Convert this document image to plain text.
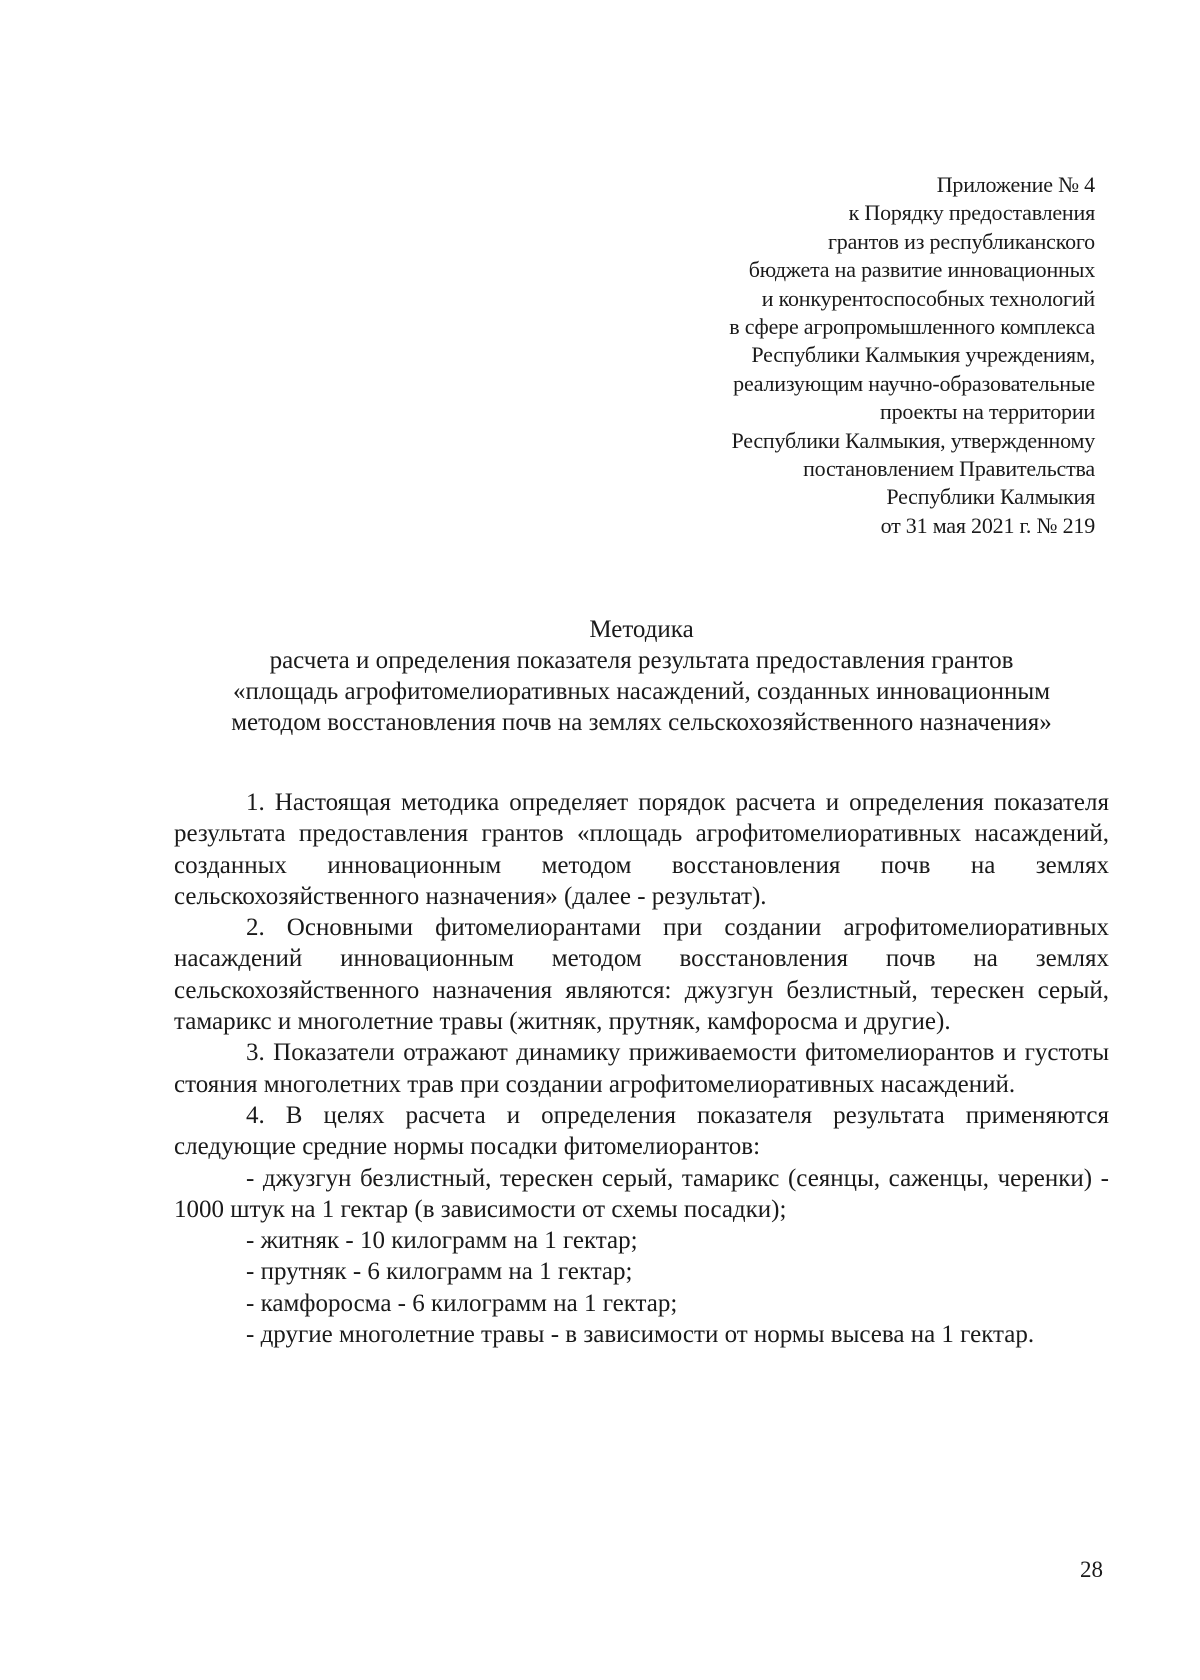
Приложение № 4
к Порядку предоставления
грантов из республиканского
бюджета на развитие инновационных
и конкурентоспособных технологий
в сфере агропромышленного комплекса
Республики Калмыкия учреждениям,
реализующим научно-образовательные
проекты на территории
Республики Калмыкия, утвержденному
постановлением Правительства
Республики Калмыкия
от 31 мая 2021 г. № 219
Методика
расчета и определения показателя результата предоставления грантов
«площадь агрофитомелиоративных насаждений, созданных инновационным
методом восстановления почв на землях сельскохозяйственного назначения»

1. Настоящая методика определяет порядок расчета и определения показателя результата предоставления грантов «площадь агрофитомелиоративных насаждений, созданных инновационным методом восстановления почв на землях сельскохозяйственного назначения» (далее - результат).

2. Основными фитомелиорантами при создании агрофитомелиоративных насаждений инновационным методом восстановления почв на землях сельскохозяйственного назначения являются: джузгун безлистный, терескен серый, тамарикс и многолетние травы (житняк, прутняк, камфоросма и другие).

3. Показатели отражают динамику приживаемости фитомелиорантов и густоты стояния многолетних трав при создании агрофитомелиоративных насаждений.

4. В целях расчета и определения показателя результата применяются следующие средние нормы посадки фитомелиорантов:

- джузгун безлистный, терескен серый, тамарикс (сеянцы, саженцы, черенки) - 1000 штук на 1 гектар (в зависимости от схемы посадки);

- житняк - 10 килограмм на 1 гектар;

- прутняк - 6 килограмм на 1 гектар;

- камфоросма - 6 килограмм на 1 гектар;

- другие многолетние травы - в зависимости от нормы высева на 1 гектар.

28
